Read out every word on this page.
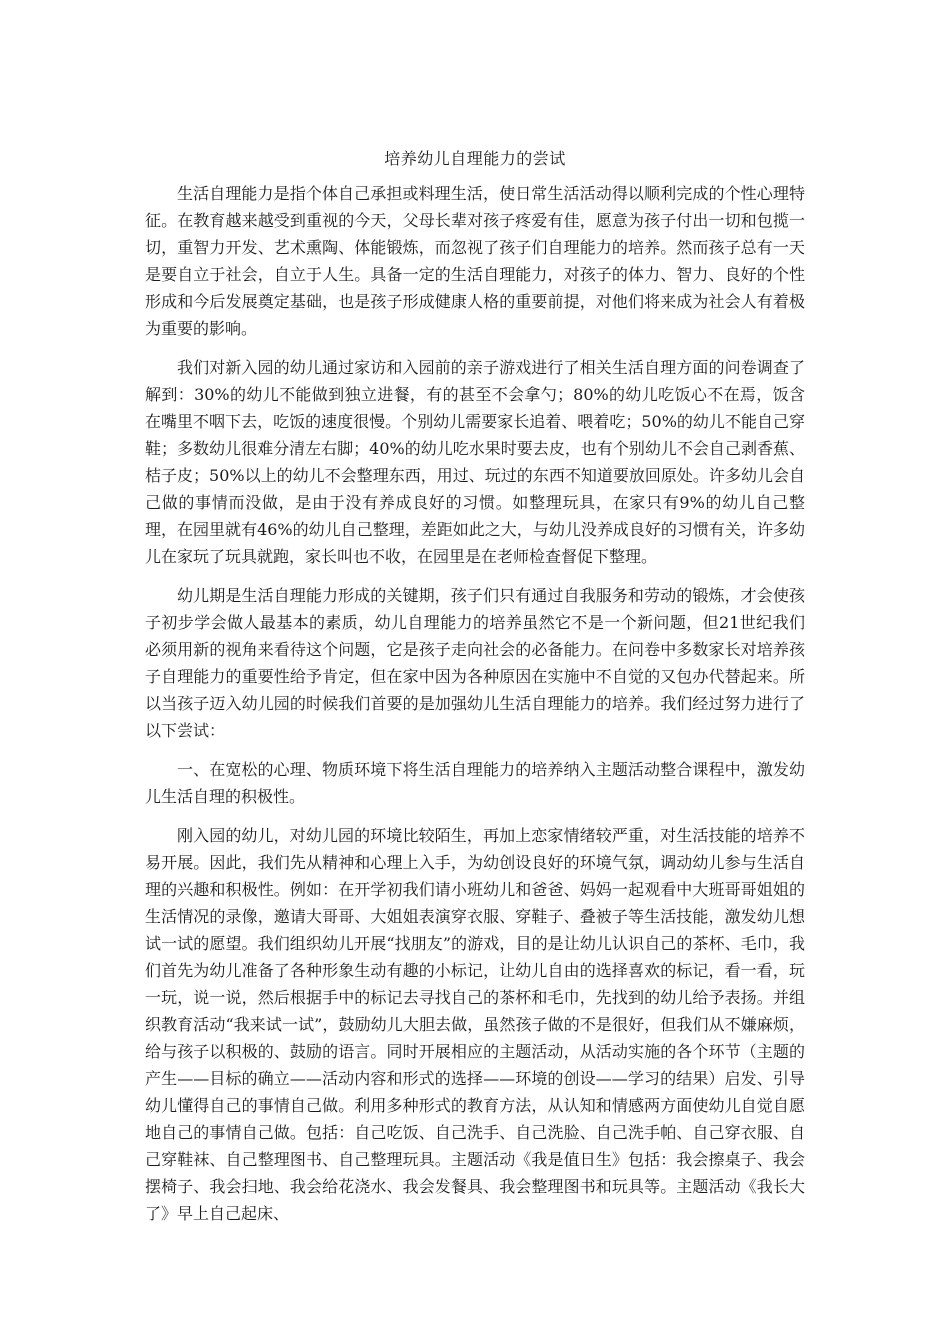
培养幼儿自理能力的尝试

生活自理能力是指个体自己承担或料理生活，使日常生活活动得以顺利完成的个性心理特征。在教育越来越受到重视的今天，父母长辈对孩子疼爱有佳，愿意为孩子付出一切和包揽一切，重智力开发、艺术熏陶、体能锻炼，而忽视了孩子们自理能力的培养。然而孩子总有一天是要自立于社会，自立于人生。具备一定的生活自理能力，对孩子的体力、智力、良好的个性形成和今后发展奠定基础，也是孩子形成健康人格的重要前提，对他们将来成为社会人有着极为重要的影响。

我们对新入园的幼儿通过家访和入园前的亲子游戏进行了相关生活自理方面的问卷调查了解到：30%的幼儿不能做到独立进餐，有的甚至不会拿勺；80%的幼儿吃饭心不在焉，饭含在嘴里不咽下去，吃饭的速度很慢。个别幼儿需要家长追着、喂着吃；50%的幼儿不能自己穿鞋；多数幼儿很难分清左右脚；40%的幼儿吃水果时要去皮，也有个别幼儿不会自己剥香蕉、桔子皮；50%以上的幼儿不会整理东西，用过、玩过的东西不知道要放回原处。许多幼儿会自己做的事情而没做，是由于没有养成良好的习惯。如整理玩具，在家只有9%的幼儿自己整理，在园里就有46%的幼儿自己整理，差距如此之大，与幼儿没养成良好的习惯有关，许多幼儿在家玩了玩具就跑，家长叫也不收，在园里是在老师检查督促下整理。

幼儿期是生活自理能力形成的关键期，孩子们只有通过自我服务和劳动的锻炼，才会使孩子初步学会做人最基本的素质，幼儿自理能力的培养虽然它不是一个新问题，但21世纪我们必须用新的视角来看待这个问题，它是孩子走向社会的必备能力。在问卷中多数家长对培养孩子自理能力的重要性给予肯定，但在家中因为各种原因在实施中不自觉的又包办代替起来。所以当孩子迈入幼儿园的时候我们首要的是加强幼儿生活自理能力的培养。我们经过努力进行了以下尝试：

一、在宽松的心理、物质环境下将生活自理能力的培养纳入主题活动整合课程中，激发幼儿生活自理的积极性。

刚入园的幼儿，对幼儿园的环境比较陌生，再加上恋家情绪较严重，对生活技能的培养不易开展。因此，我们先从精神和心理上入手，为幼创设良好的环境气氛，调动幼儿参与生活自理的兴趣和积极性。例如：在开学初我们请小班幼儿和爸爸、妈妈一起观看中大班哥哥姐姐的生活情况的录像，邀请大哥哥、大姐姐表演穿衣服、穿鞋子、叠被子等生活技能，激发幼儿想试一试的愿望。我们组织幼儿开展“找朋友”的游戏，目的是让幼儿认识自己的茶杯、毛巾，我们首先为幼儿准备了各种形象生动有趣的小标记，让幼儿自由的选择喜欢的标记，看一看，玩一玩，说一说，然后根据手中的标记去寻找自己的茶杯和毛巾，先找到的幼儿给予表扬。并组织教育活动“我来试一试”，鼓励幼儿大胆去做，虽然孩子做的不是很好，但我们从不嫌麻烦，给与孩子以积极的、鼓励的语言。同时开展相应的主题活动，从活动实施的各个环节（主题的产生——目标的确立——活动内容和形式的选择——环境的创设——学习的结果）启发、引导幼儿懂得自己的事情自己做。利用多种形式的教育方法，从认知和情感两方面使幼儿自觉自愿地自己的事情自己做。包括：自己吃饭、自己洗手、自己洗脸、自己洗手帕、自己穿衣服、自己穿鞋袜、自己整理图书、自己整理玩具。主题活动《我是值日生》包括：我会擦桌子、我会摆椅子、我会扫地、我会给花浇水、我会发餐具、我会整理图书和玩具等。主题活动《我长大了》早上自己起床、
